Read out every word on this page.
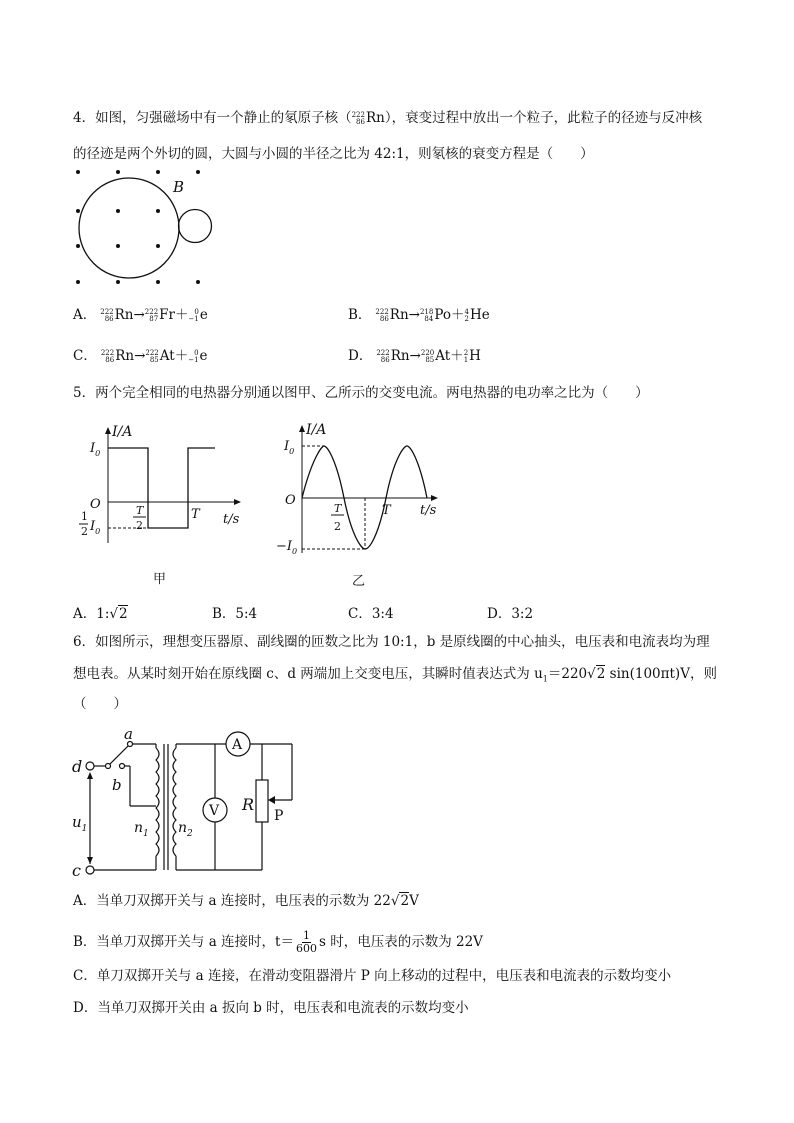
4．如图，匀强磁场中有一个静止的氡原子核（ 222
86 Rn），衰变过程中放出一个粒子，此粒子的径迹与反冲核
的径迹是两个外切的圆，大圆与小圆的半径之比为 42:1，则氡核的衰变方程是（　　）
B
A． 222
86Rn→222
87Fr＋ 0
−1e	B． 222
86Rn→218
84Po＋4
2He
C． 222
86Rn→222
85At＋ 0
−1e	D． 222
86Rn→220
85At＋2
1H
5．两个完全相同的电热器分别通以图甲、乙所示的交变电流。两电热器的电功率之比为（　　）
I/A
$I_0$
O
1
2 $I_0$
T
2
T t/s
甲
I/A
$I_0$
O
$-I_0$
T
2
T t/s
乙
A．1:√2	B．5:4	C．3:4	D．3:2
6．如图所示，理想变压器原、副线圈的匝数之比为 10:1，b 是原线圈的中心抽头，电压表和电流表均为理
想电表。从某时刻开始在原线圈 c、d 两端加上交变电压，其瞬时值表达式为 $u_1=220√2$ sin(100πt)V，则
（　　）
A
V
a
b
d
c
$u_1$	$n_1$ $n_2$
R
P
A．当单刀双掷开关与 a 连接时，电压表的示数为 22√2V
B．当单刀双掷开关与 a 连接时，$t= \frac{1}{600}$ s 时，电压表的示数为 22V
C．单刀双掷开关与 a 连接，在滑动变阻器滑片 P 向上移动的过程中，电压表和电流表的示数均变小
D．当单刀双掷开关由 a 扳向 b 时，电压表和电流表的示数均变小
